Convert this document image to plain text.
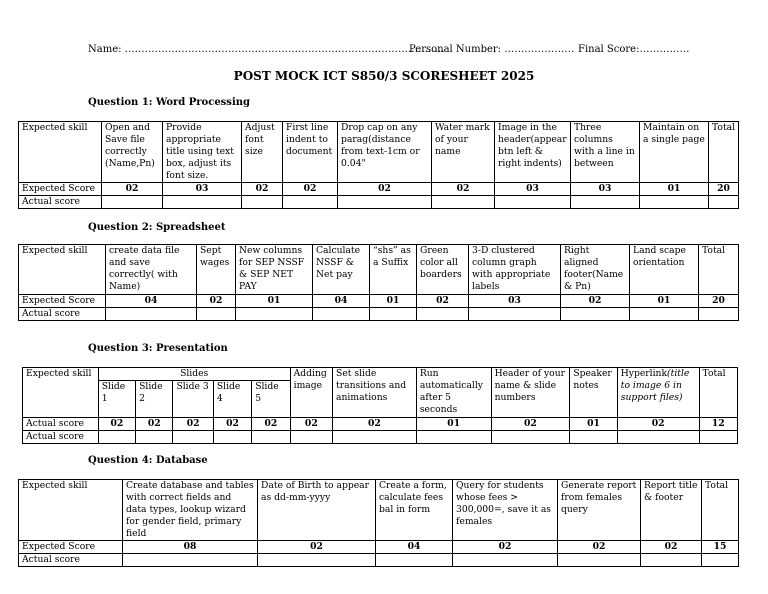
Name: ……………………………………………………………………………………
Personal Number: ………………… Final Score:……………
POST MOCK ICT S850/3 SCORESHEET 2025
Question 1: Word Processing
Expected skill	Open and Save file correctly (Name,Pn)	Provide appropriate title using text box, adjust its font size.	Adjust font size	First line indent to document	Drop cap on any parag(distance from text-1cm or 0.04"	Water mark of your name	Image in the header(appear btn left & right indents)	Three columns with a line in between	Maintain on a single page	Total
Expected Score	02	03	02	02	02	02	03	03	01	20
Actual score										
Question 2: Spreadsheet
Expected skill	create data file and save correctly( with Name)	Sept wages	New columns for SEP NSSF & SEP NET PAY	Calculate NSSF & Net pay	“shs” as a Suffix	Green color all boarders	3-D clustered column graph with appropriate labels	Right aligned footer(Name & Pn)	Land scape orientation	Total
Expected Score	04	02	01	04	01	02	03	02	01	20
Actual score										
Question 3: Presentation
Expected skill	Slides					Adding image	Set slide transitions and animations	Run automatically after 5 seconds	Header of your name & slide numbers	Speaker notes	Hyperlink(title to image 6 in support files)	Total
	Slide 1	Slide 2	Slide 3	Slide 4	Slide 5							
Actual score	02	02	02	02	02	02	02	01	02	01	02	12
Actual score												
Question 4: Database
Expected skill	Create database and tables with correct fields and data types, lookup wizard for gender field, primary field	Date of Birth to appear as dd-mm-yyyy	Create a form, calculate fees bal in form	Query for students whose fees > 300,000=, save it as females	Generate report from females query	Report title & footer	Total
Expected Score	08	02	04	02	02	02	15
Actual score							
